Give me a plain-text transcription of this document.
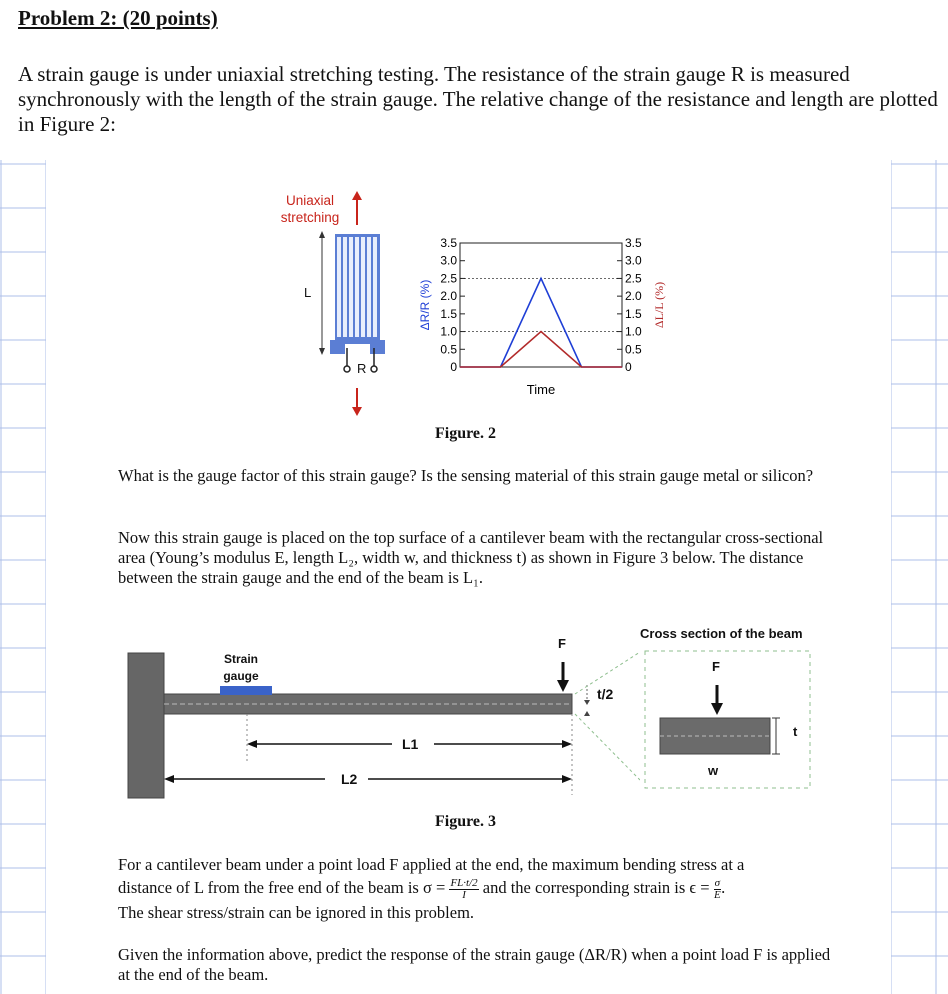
Problem 2: (20 points)
A strain gauge is under uniaxial stretching testing. The resistance of the strain gauge R is measured synchronously with the length of the strain gauge. The relative change of the resistance and length are plotted in Figure 2:
Uniaxial
stretching
L
R
3.5
3.0
2.5
2.0
1.5
1.0
0.5
0
3.5
3.0
2.5
2.0
1.5
1.0
0.5
0
ΔR/R (%)	ΔL/L (%)
Time
Figure. 2
What is the gauge factor of this strain gauge? Is the sensing material of this strain gauge metal or silicon?
Now this strain gauge is placed on the top surface of a cantilever beam with the rectangular cross-sectional area (Young’s modulus E, length L₂, width w, and thickness t) as shown in Figure 3 below. The distance between the strain gauge and the end of the beam is L₁.
Strain
gauge
F
t/2
L1
L2
Cross section of the beam
F
t
w
Figure. 3
For a cantilever beam under a point load F applied at the end, the maximum bending stress at a
distance of L from the free end of the beam is $\sigma = \frac{FL\cdot t/2}{I}$ and the corresponding strain is $\epsilon = \frac{\sigma}{E}$ .
The shear stress/strain can be ignored in this problem.
Given the information above, predict the response of the strain gauge (ΔR/R) when a point load F is applied at the end of the beam.
